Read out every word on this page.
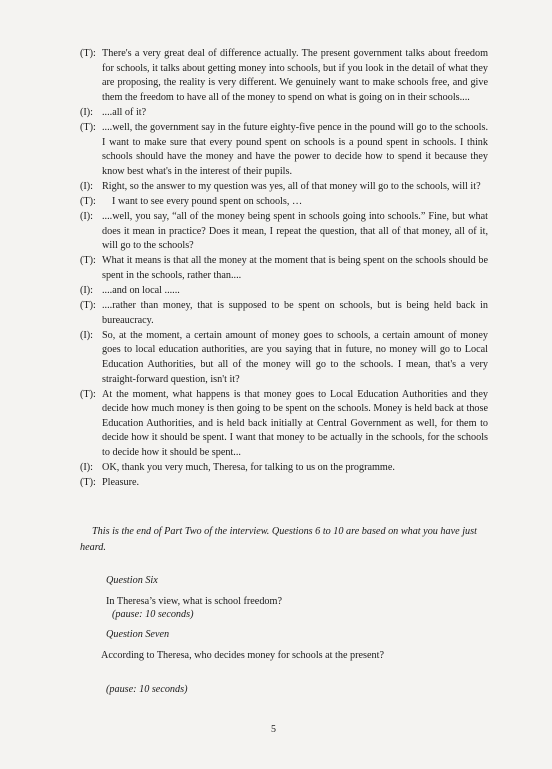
(T): There's a very great deal of difference actually. The present government talks about freedom for schools, it talks about getting money into schools, but if you look in the detail of what they are proposing, the reality is very different. We genuinely want to make schools free, and give them the freedom to have all of the money to spend on what is going on in their schools....
(I): ....all of it?
(T): ....well, the government say in the future eighty-five pence in the pound will go to the schools. I want to make sure that every pound spent on schools is a pound spent in schools. I think schools should have the money and have the power to decide how to spend it because they know best what's in the interest of their pupils.
(I): Right, so the answer to my question was yes, all of that money will go to the schools, will it?
(T):	I want to see every pound spent on schools, …
(I): ....well, you say, “all of the money being spent in schools going into schools.” Fine, but what does it mean in practice? Does it mean, I repeat the question, that all of that money, all of it, will go to the schools?
(T): What it means is that all the money at the moment that is being spent on the schools should be spent in the schools, rather than....
(I): ....and on local ......
(T): ....rather than money, that is supposed to be spent on schools, but is being held back in bureaucracy.
(I): So, at the moment, a certain amount of money goes to schools, a certain amount of money goes to local education authorities, are you saying that in future, no money will go to Local Education Authorities, but all of the money will go to the schools. I mean, that's a very straight-forward question, isn't it?
(T): At the moment, what happens is that money goes to Local Education Authorities and they decide how much money is then going to be spent on the schools. Money is held back at those Education Authorities, and is held back initially at Central Government as well, for them to decide how it should be spent. I want that money to be actually in the schools, for the schools to decide how it should be spent...
(I): OK, thank you very much, Theresa, for talking to us on the programme.
(T): Pleasure.
This is the end of Part Two of the interview. Questions 6 to 10 are based on what you have just heard.
Question Six
In Theresa’s view, what is school freedom?
(pause: 10 seconds)
Question Seven
According to Theresa, who decides money for schools at the present?
(pause: 10 seconds)
5
